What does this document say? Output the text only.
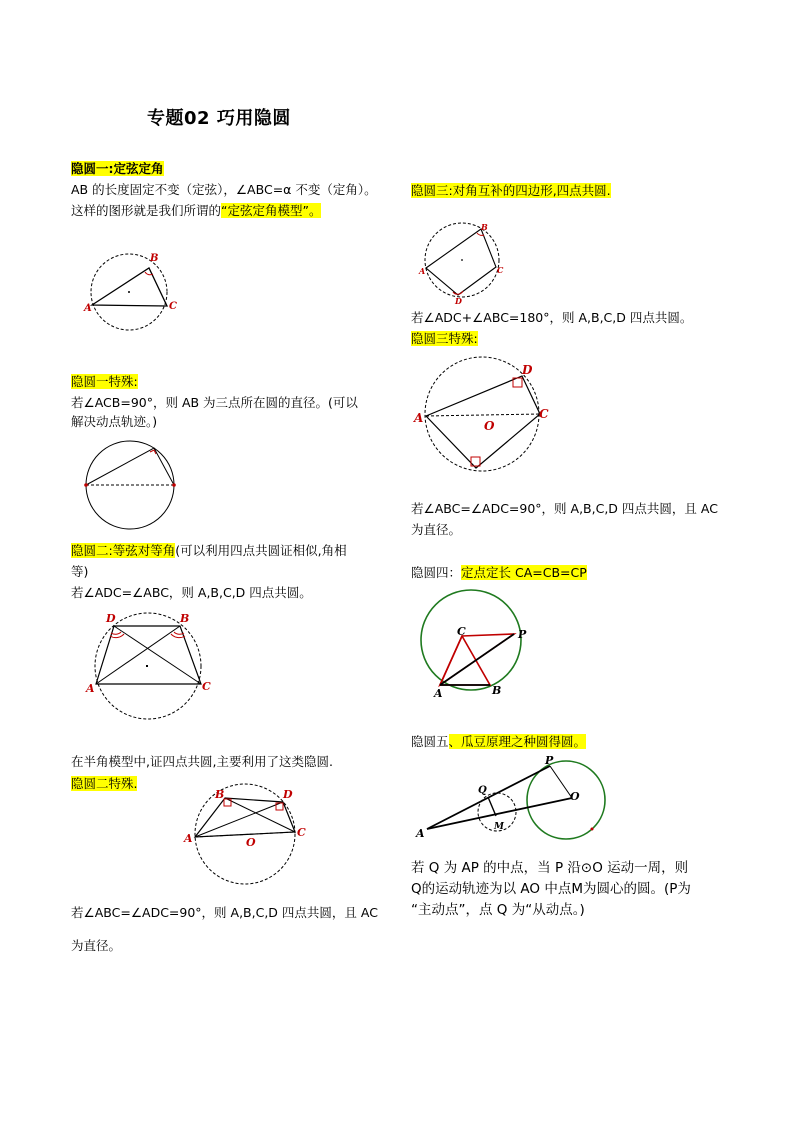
专题02 巧用隐圆
隐圆一:定弦定角
AB 的长度固定不变（定弦），∠ABC=α 不变（定角）。
这样的图形就是我们所谓的“定弦定角模型”。
A
B
C
隐圆一特殊:
若∠ACB=90°，则 AB 为三点所在圆的直径。(可以
解决动点轨迹。)
隐圆二:等弦对等角(可以利用四点共圆证相似,角相
等)
若∠ADC=∠ABC，则 A,B,C,D 四点共圆。
A
D	B
C
在半角模型中,证四点共圆,主要利用了这类隐圆.
隐圆二特殊.
A
B	D
C
O
若∠ABC=∠ADC=90°，则 A,B,C,D 四点共圆，且 AC
为直径。
隐圆三:对角互补的四边形,四点共圆.
A
B
C
D
若∠ADC+∠ABC=180°，则 A,B,C,D 四点共圆。
隐圆三特殊:
A
D
C
O
若∠ABC=∠ADC=90°，则 A,B,C,D 四点共圆，且 AC
为直径。
隐圆四：定点定长 CA=CB=CP
A
C	P
B
隐圆五、瓜豆原理之种圆得圆。
A
Q
M
P
O
若 Q 为 AP 的中点，当 P 沿⊙O 运动一周，则
Q的运动轨迹为以 AO 中点M为圆心的圆。(P为
“主动点”，点 Q 为“从动点。)
